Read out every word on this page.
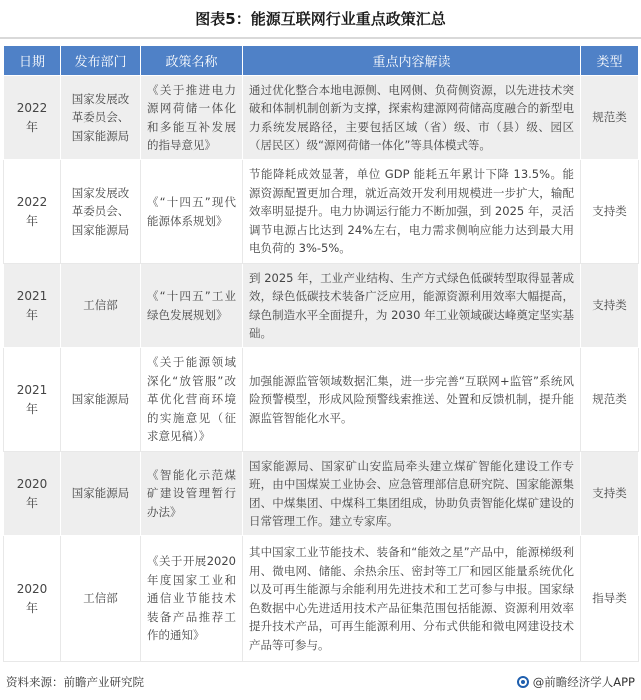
图表5：能源互联网行业重点政策汇总
日期	发布部门	政策名称	重点内容解读	类型
2022 年	国家发展改革委员会、国家能源局	《关于推进电力源网荷储一体化和多能互补发展的指导意见》	通过优化整合本地电源侧、电网侧、负荷侧资源，以先进技术突破和体制机制创新为支撑，探索构建源网荷储高度融合的新型电力系统发展路径，主要包括区域（省）级、市（县）级、园区（居民区）级“源网荷储一体化”等具体模式等。	规范类
2022 年	国家发展改革委员会、国家能源局	《“十四五”现代能源体系规划》	节能降耗成效显著，单位 GDP 能耗五年累计下降 13.5%。能源资源配置更加合理，就近高效开发利用规模进一步扩大，输配效率明显提升。电力协调运行能力不断加强，到 2025 年，灵活调节电源占比达到 24%左右，电力需求侧响应能力达到最大用电负荷的 3%-5%。	支持类
2021 年	工信部	《“十四五”工业绿色发展规划》	到 2025 年，工业产业结构、生产方式绿色低碳转型取得显著成效，绿色低碳技术装备广泛应用，能源资源利用效率大幅提高，绿色制造水平全面提升，为 2030 年工业领域碳达峰奠定坚实基础。	支持类
2021 年	国家能源局	《关于能源领域深化“放管服”改革优化营商环境的实施意见（征求意见稿）》	加强能源监管领域数据汇集，进一步完善“互联网+监管”系统风险预警模型，形成风险预警线索推送、处置和反馈机制，提升能源监管智能化水平。	规范类
2020 年	国家能源局	《智能化示范煤矿建设管理暂行办法》	国家能源局、国家矿山安监局牵头建立煤矿智能化建设工作专班，由中国煤炭工业协会、应急管理部信息研究院、国家能源集团、中煤集团、中煤科工集团组成，协助负责智能化煤矿建设的日常管理工作。建立专家库。	支持类
2020 年	工信部	《关于开展2020年度国家工业和通信业节能技术装备产品推荐工作的通知》	其中国家工业节能技术、装备和“能效之星”产品中，能源梯级利用、微电网、储能、余热余压、密封等工厂和园区能量系统优化以及可再生能源与余能利用先进技术和工艺可参与申报。国家绿色数据中心先进适用技术产品征集范围包括能源、资源利用效率提升技术产品，可再生能源利用、分布式供能和微电网建设技术产品等可参与。	指导类
资料来源：前瞻产业研究院	@前瞻经济学人APP
